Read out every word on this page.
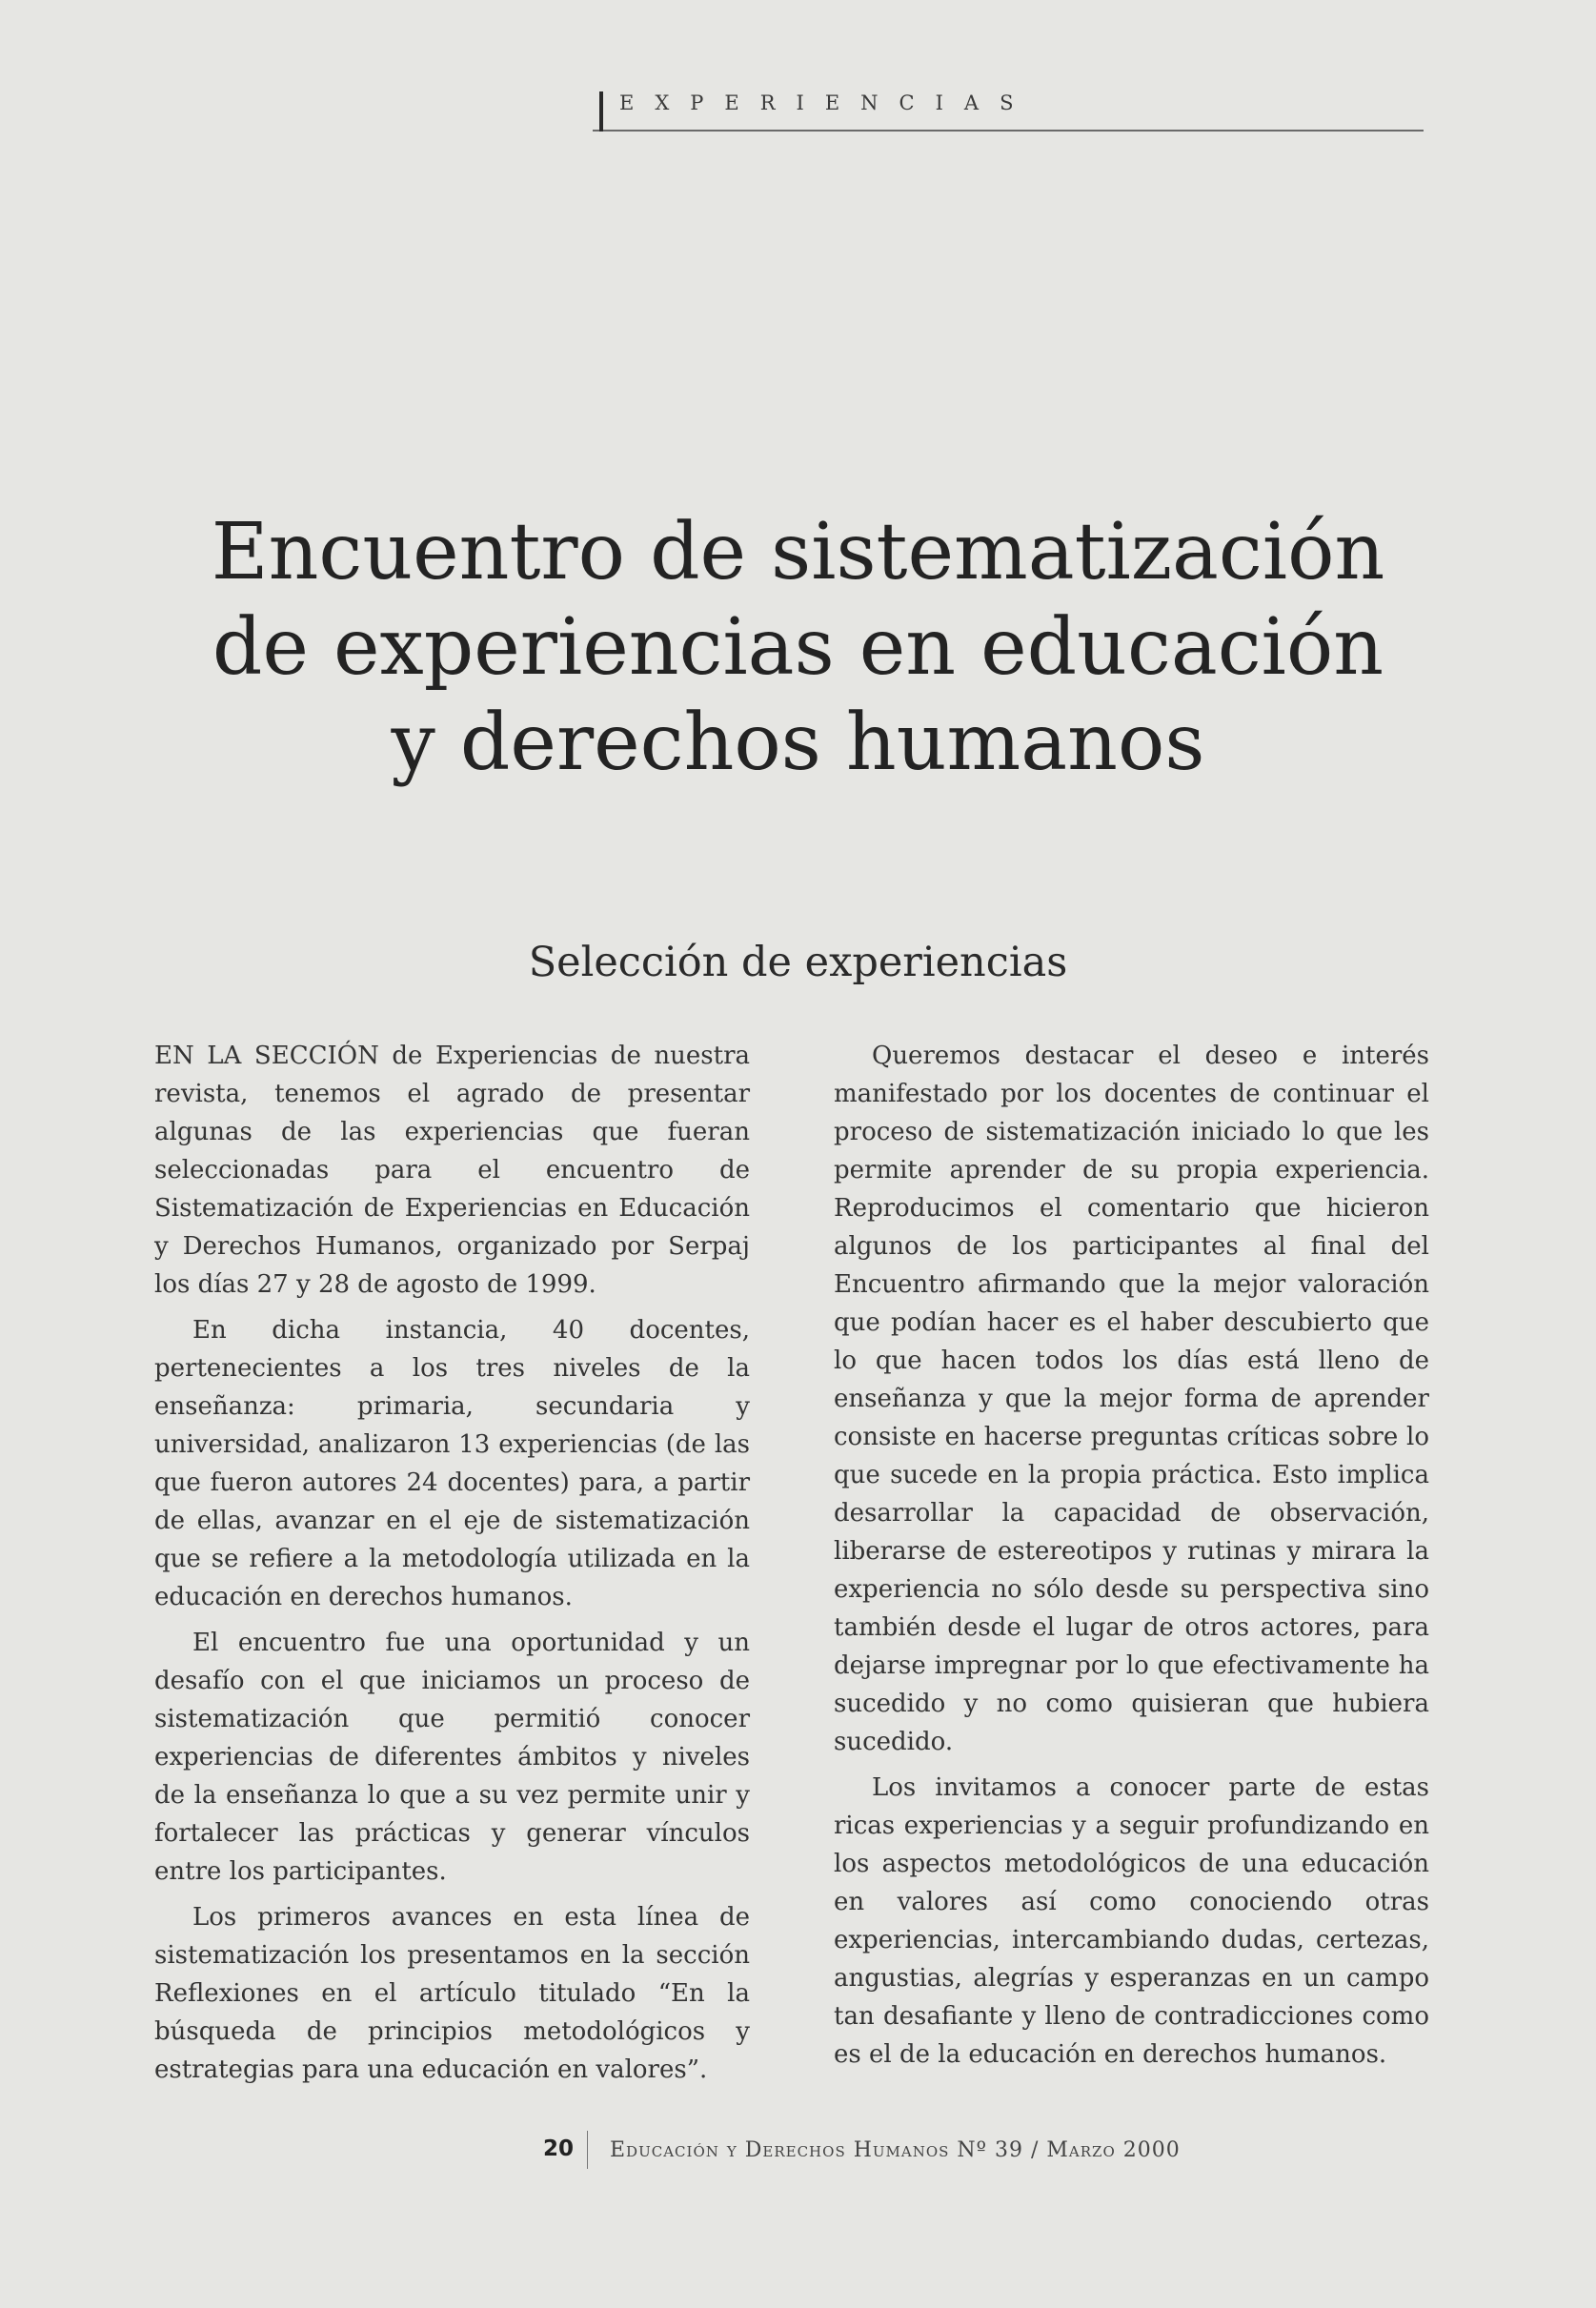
EXPERIENCIAS
Encuentro de sistematización de experiencias en educación y derechos humanos
Selección de experiencias

EN LA SECCIÓN de Experiencias de nuestra revista, tenemos el agrado de presentar algunas de las experiencias que fueran seleccionadas para el encuentro de Sistematización de Experiencias en Educación y Derechos Humanos, organizado por Serpaj los días 27 y 28 de agosto de 1999.

En dicha instancia, 40 docentes, pertenecientes a los tres niveles de la enseñanza: primaria, secundaria y universidad, analizaron 13 experiencias (de las que fueron autores 24 docentes) para, a partir de ellas, avanzar en el eje de sistematización que se refiere a la metodología utilizada en la educación en derechos humanos.

El encuentro fue una oportunidad y un desafío con el que iniciamos un proceso de sistematización que permitió conocer experiencias de diferentes ámbitos y niveles de la enseñanza lo que a su vez permite unir y fortalecer las prácticas y generar vínculos entre los participantes.

Los primeros avances en esta línea de sistematización los presentamos en la sección Reflexiones en el artículo titulado “En la búsqueda de principios metodológicos y estrategias para una educación en valores”.

Queremos destacar el deseo e interés manifestado por los docentes de continuar el proceso de sistematización iniciado lo que les permite aprender de su propia experiencia. Reproducimos el comentario que hicieron algunos de los participantes al final del Encuentro afirmando que la mejor valoración que podían hacer es el haber descubierto que lo que hacen todos los días está lleno de enseñanza y que la mejor forma de aprender consiste en hacerse preguntas críticas sobre lo que sucede en la propia práctica. Esto implica desarrollar la capacidad de observación, liberarse de estereotipos y rutinas y mirara la experiencia no sólo desde su perspectiva sino también desde el lugar de otros actores, para dejarse impregnar por lo que efectivamente ha sucedido y no como quisieran que hubiera sucedido.

Los invitamos a conocer parte de estas ricas experiencias y a seguir profundizando en los aspectos metodológicos de una educación en valores así como conociendo otras experiencias, intercambiando dudas, certezas, angustias, alegrías y esperanzas en un campo tan desafiante y lleno de contradicciones como es el de la educación en derechos humanos.

20 Educación y Derechos Humanos Nº 39 / Marzo 2000
